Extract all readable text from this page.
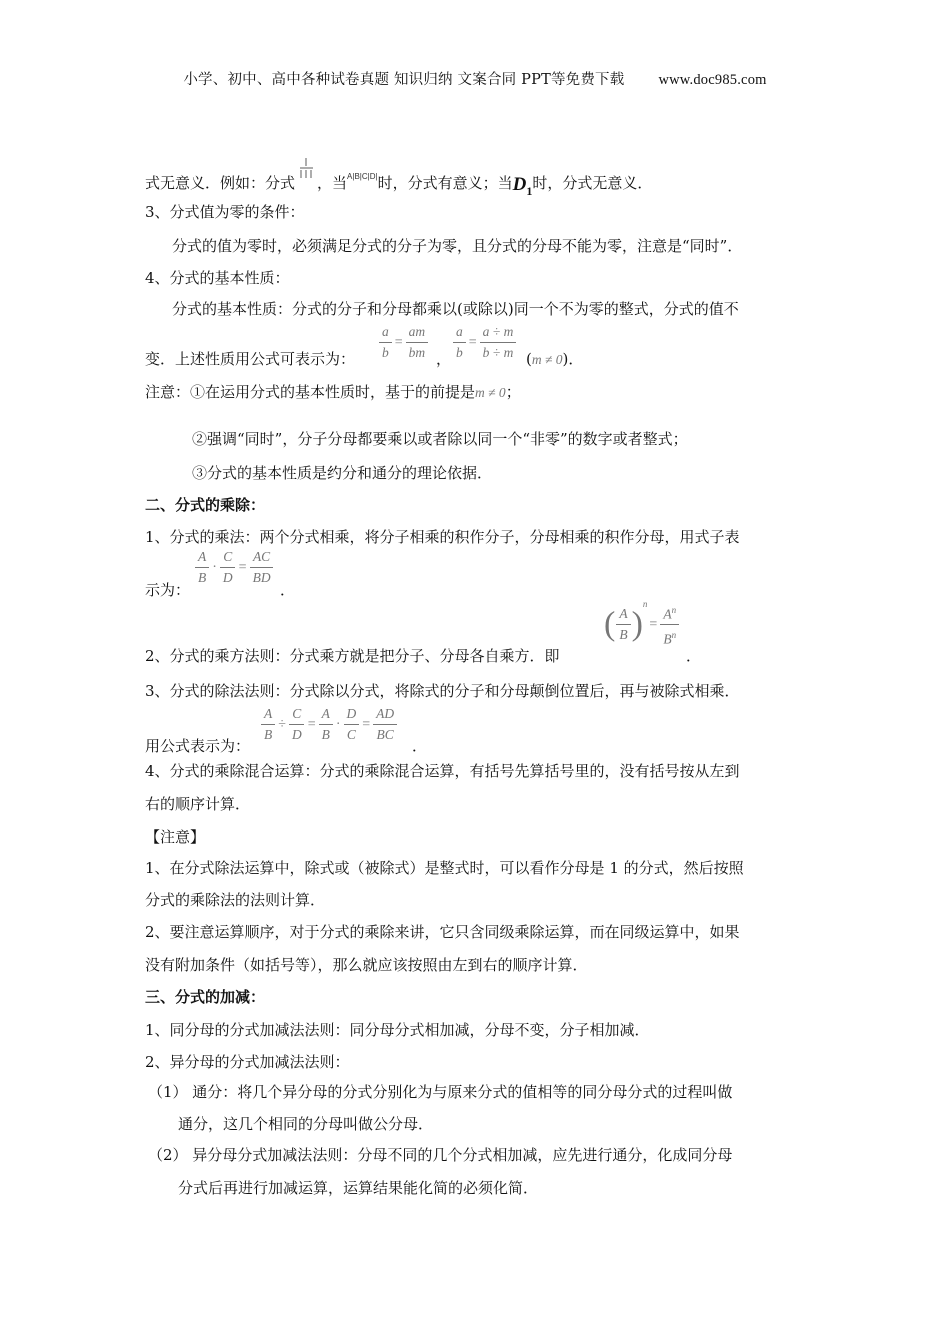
小学、初中、高中各种试卷真题 知识归纳 文案合同 PPT等免费下载 www.doc985.com
式无意义．例如：分式 ，当$^{A|B|C|D|}$时，分式有意义；当$D_1$时，分式无意义．
3、分式值为零的条件：
分式的值为零时，必须满足分式的分子为零，且分式的分母不能为零，注意是“同时”．
4、分式的基本性质：
分式的基本性质：分式的分子和分母都乘以(或除以)同一个不为零的整式，分式的值不
变．上述性质用公式可表示为： $\frac{a}{b} = \frac{am}{bm}$ ， $\frac{a}{b} = \frac{a \div m}{b \div m} (m \ne 0)$．
注意：①在运用分式的基本性质时，基于的前提是m ≠ 0；
②强调“同时”，分子分母都要乘以或者除以同一个“非零”的数字或者整式；
③分式的基本性质是约分和通分的理论依据．
二、分式的乘除：
1、分式的乘法：两个分式相乘，将分子相乘的积作分子，分母相乘的积作分母，用式子表
示为：
$\frac{A}{B} \cdot \frac{C}{D} = \frac{AC}{BD}$
．
2、分式的乘方法则：分式乘方就是把分子、分母各自乘方．即
( $\frac{A}{B} )^n= \frac{A^n}{B^n}$
．
3、分式的除法法则：分式除以分式，将除式的分子和分母颠倒位置后，再与被除式相乘．
用公式表示为：
$\frac{A}{B} \div \frac{C}{D} = \frac{A}{B} \cdot \frac{D}{C} = \frac{AD}{BC}$
．
4、分式的乘除混合运算：分式的乘除混合运算，有括号先算括号里的，没有括号按从左到
右的顺序计算．
【注意】
1、在分式除法运算中，除式或（被除式）是整式时，可以看作分母是 1 的分式，然后按照
分式的乘除法的法则计算．
2、要注意运算顺序，对于分式的乘除来讲，它只含同级乘除运算，而在同级运算中，如果
没有附加条件（如括号等），那么就应该按照由左到右的顺序计算．
三、分式的加减：
1、同分母的分式加减法法则：同分母分式相加减，分母不变，分子相加减．
2、异分母的分式加减法法则：
（1） 通分：将几个异分母的分式分别化为与原来分式的值相等的同分母分式的过程叫做
通分，这几个相同的分母叫做公分母．
（2） 异分母分式加减法法则：分母不同的几个分式相加减，应先进行通分，化成同分母
分式后再进行加减运算，运算结果能化简的必须化简．
